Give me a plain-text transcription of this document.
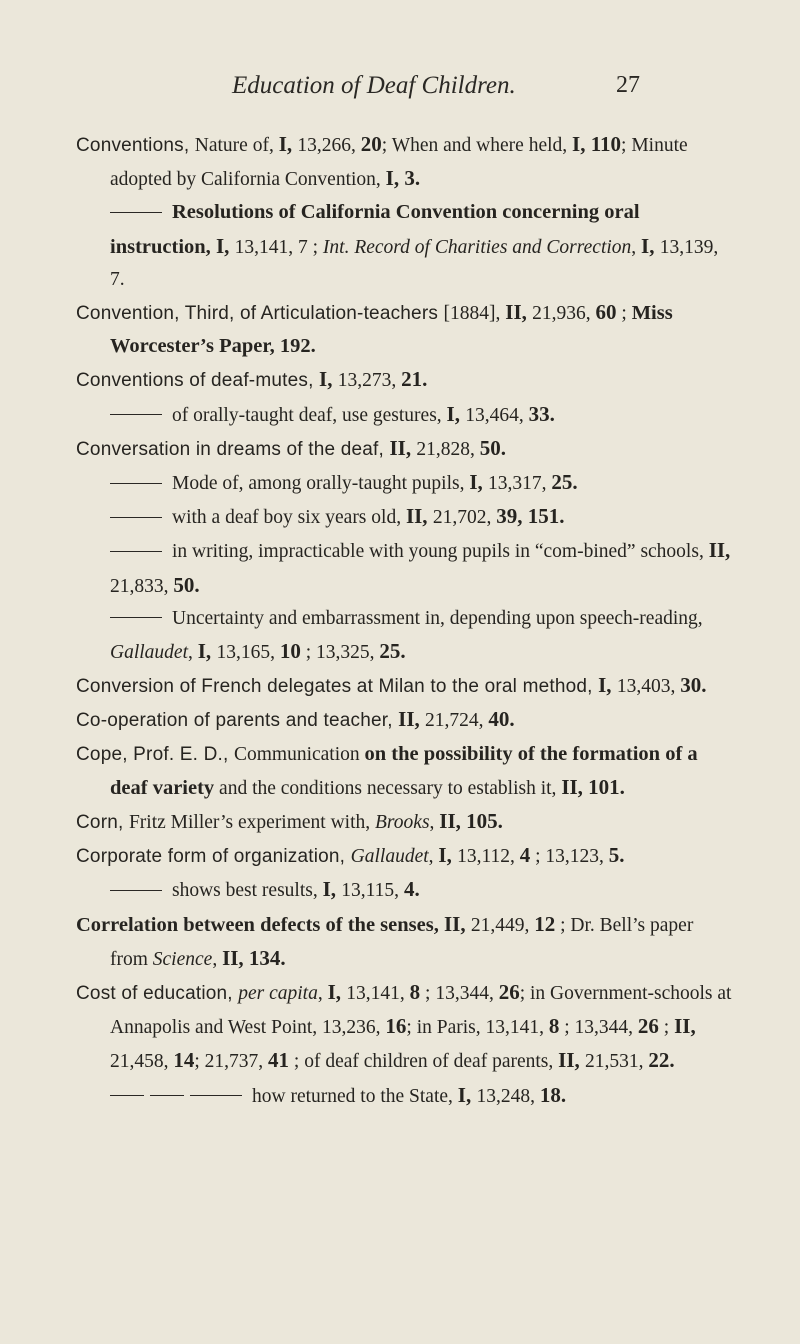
Education of Deaf Children.	27

Conventions, Nature of, I, 13,266, 20; When and where held, I, 110; Minute adopted by California Convention, I, 3.

Resolutions of California Convention concerning oral instruction, I, 13,141, 7 ; Int. Record of Charities and Correction, I, 13,139, 7.

Convention, Third, of Articulation-teachers [1884], II, 21,936, 60 ; Miss Worcester’s Paper, 192.

Conventions of deaf-mutes, I, 13,273, 21.

of orally-taught deaf, use gestures, I, 13,464, 33.

Conversation in dreams of the deaf, II, 21,828, 50.

Mode of, among orally-taught pupils, I, 13,317, 25.

with a deaf boy six years old, II, 21,702, 39, 151.

in writing, impracticable with young pupils in “com-bined” schools, II, 21,833, 50.

Uncertainty and embarrassment in, depending upon speech-reading, Gallaudet, I, 13,165, 10 ; 13,325, 25.

Conversion of French delegates at Milan to the oral method, I, 13,403, 30.

Co-operation of parents and teacher, II, 21,724, 40.

Cope, Prof. E. D., Communication on the possibility of the formation of a deaf variety and the conditions necessary to establish it, II, 101.

Corn, Fritz Miller’s experiment with, Brooks, II, 105.

Corporate form of organization, Gallaudet, I, 13,112, 4 ; 13,123, 5.

shows best results, I, 13,115, 4.

Correlation between defects of the senses, II, 21,449, 12 ; Dr. Bell’s paper from Science, II, 134.

Cost of education, per capita, I, 13,141, 8 ; 13,344, 26; in Government-schools at Annapolis and West Point, 13,236, 16; in Paris, 13,141, 8 ; 13,344, 26 ; II, 21,458, 14; 21,737, 41 ; of deaf children of deaf parents, II, 21,531, 22.

how returned to the State, I, 13,248, 18.
